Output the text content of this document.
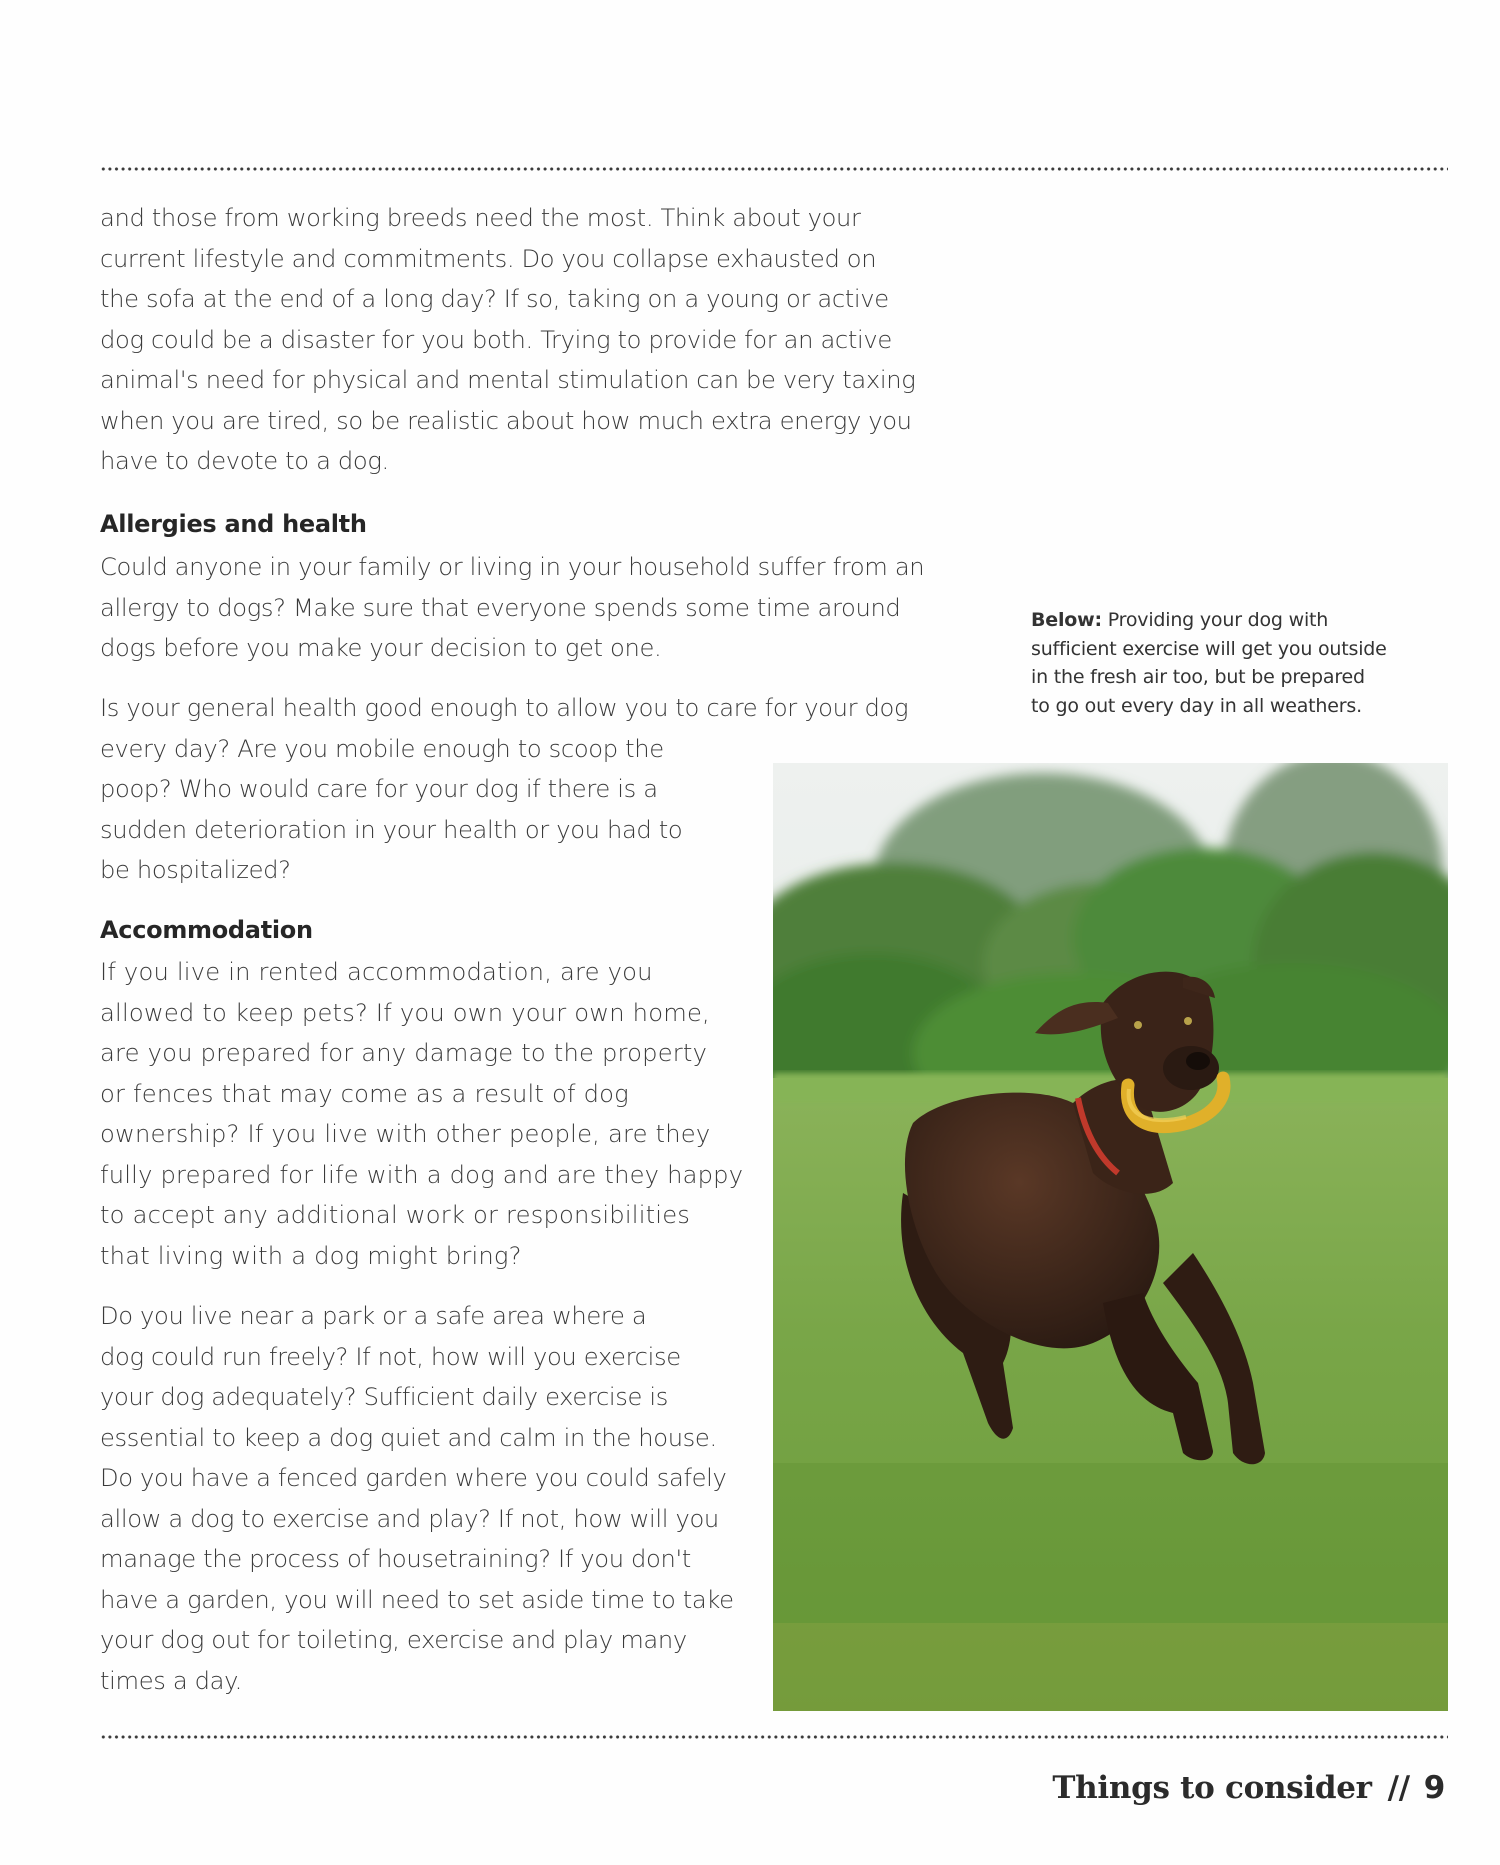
and those from working breeds need the most. Think about your
current lifestyle and commitments. Do you collapse exhausted on
the sofa at the end of a long day? If so, taking on a young or active
dog could be a disaster for you both. Trying to provide for an active
animal's need for physical and mental stimulation can be very taxing
when you are tired, so be realistic about how much extra energy you
have to devote to a dog.
Allergies and health
Could anyone in your family or living in your household suffer from an
allergy to dogs? Make sure that everyone spends some time around
dogs before you make your decision to get one.
Is your general health good enough to allow you to care for your dog
every day? Are you mobile enough to scoop the
poop? Who would care for your dog if there is a
sudden deterioration in your health or you had to
be hospitalized?
Accommodation
If you live in rented accommodation, are you
allowed to keep pets? If you own your own home,
are you prepared for any damage to the property
or fences that may come as a result of dog
ownership? If you live with other people, are they
fully prepared for life with a dog and are they happy
to accept any additional work or responsibilities
that living with a dog might bring?
Do you live near a park or a safe area where a
dog could run freely? If not, how will you exercise
your dog adequately? Sufficient daily exercise is
essential to keep a dog quiet and calm in the house.
Do you have a fenced garden where you could safely
allow a dog to exercise and play? If not, how will you
manage the process of housetraining? If you don't
have a garden, you will need to set aside time to take
your dog out for toileting, exercise and play many
times a day.
Below: Providing your dog with
sufficient exercise will get you outside
in the fresh air too, but be prepared
to go out every day in all weathers.
Things to consider // 9
